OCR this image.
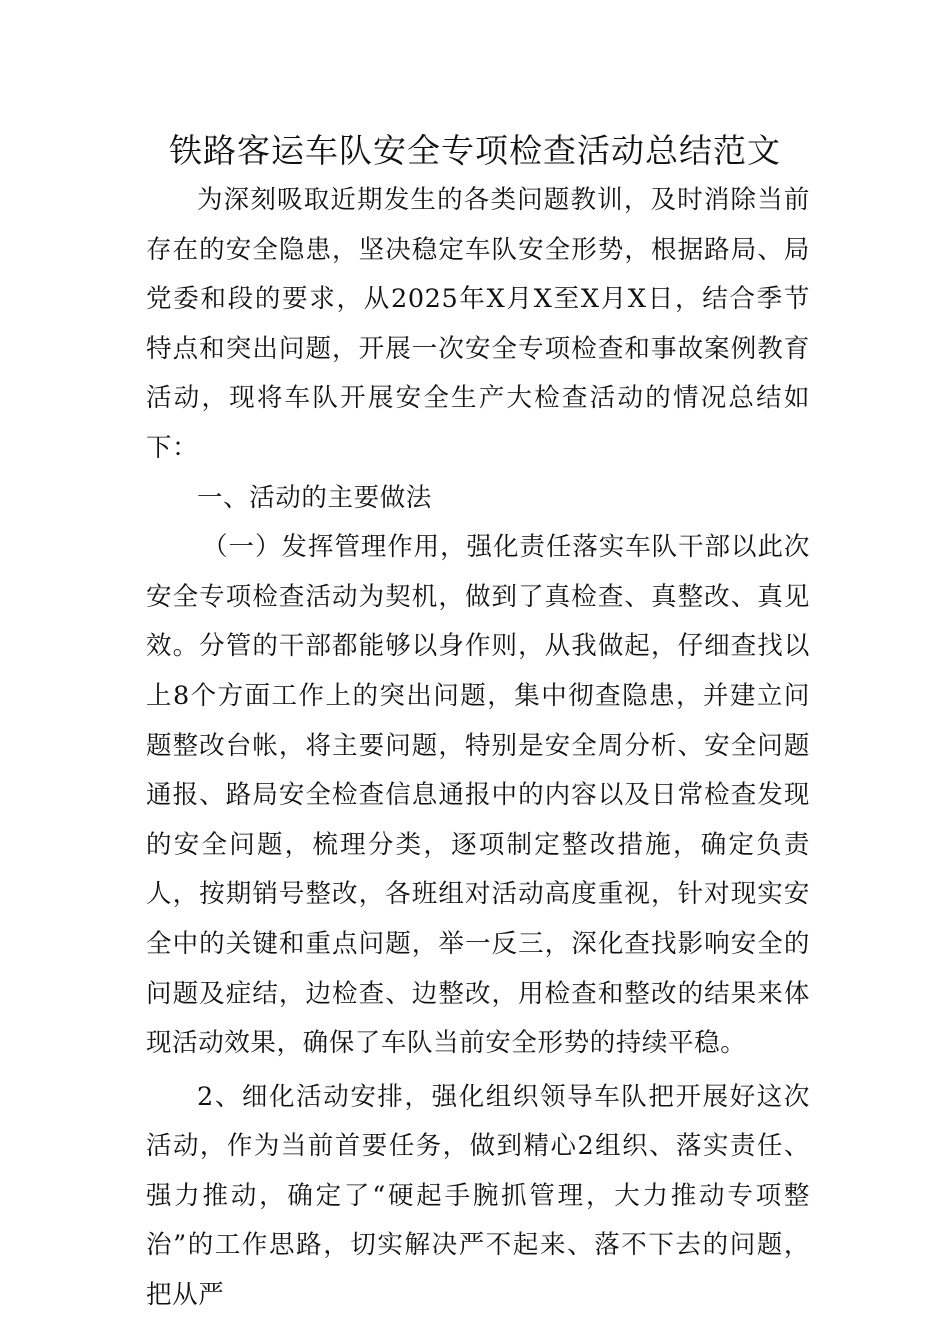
铁路客运车队安全专项检查活动总结范文

为深刻吸取近期发生的各类问题教训，及时消除当前存在的安全隐患，坚决稳定车队安全形势，根据路局、局党委和段的要求，从2025年X月X至X月X日，结合季节特点和突出问题，开展一次安全专项检查和事故案例教育活动，现将车队开展安全生产大检查活动的情况总结如下：

一、活动的主要做法

（一）发挥管理作用，强化责任落实车队干部以此次安全专项检查活动为契机，做到了真检查、真整改、真见效。分管的干部都能够以身作则，从我做起，仔细查找以上8个方面工作上的突出问题，集中彻查隐患，并建立问题整改台帐，将主要问题，特别是安全周分析、安全问题通报、路局安全检查信息通报中的内容以及日常检查发现的安全问题，梳理分类，逐项制定整改措施，确定负责人，按期销号整改，各班组对活动高度重视，针对现实安全中的关键和重点问题，举一反三，深化查找影响安全的问题及症结，边检查、边整改，用检查和整改的结果来体现活动效果，确保了车队当前安全形势的持续平稳。

2、细化活动安排，强化组织领导车队把开展好这次活动，作为当前首要任务，做到精心2组织、落实责任、强力推动，确定了“硬起手腕抓管理，大力推动专项整治”的工作思路，切实解决严不起来、落不下去的问题，把从严
